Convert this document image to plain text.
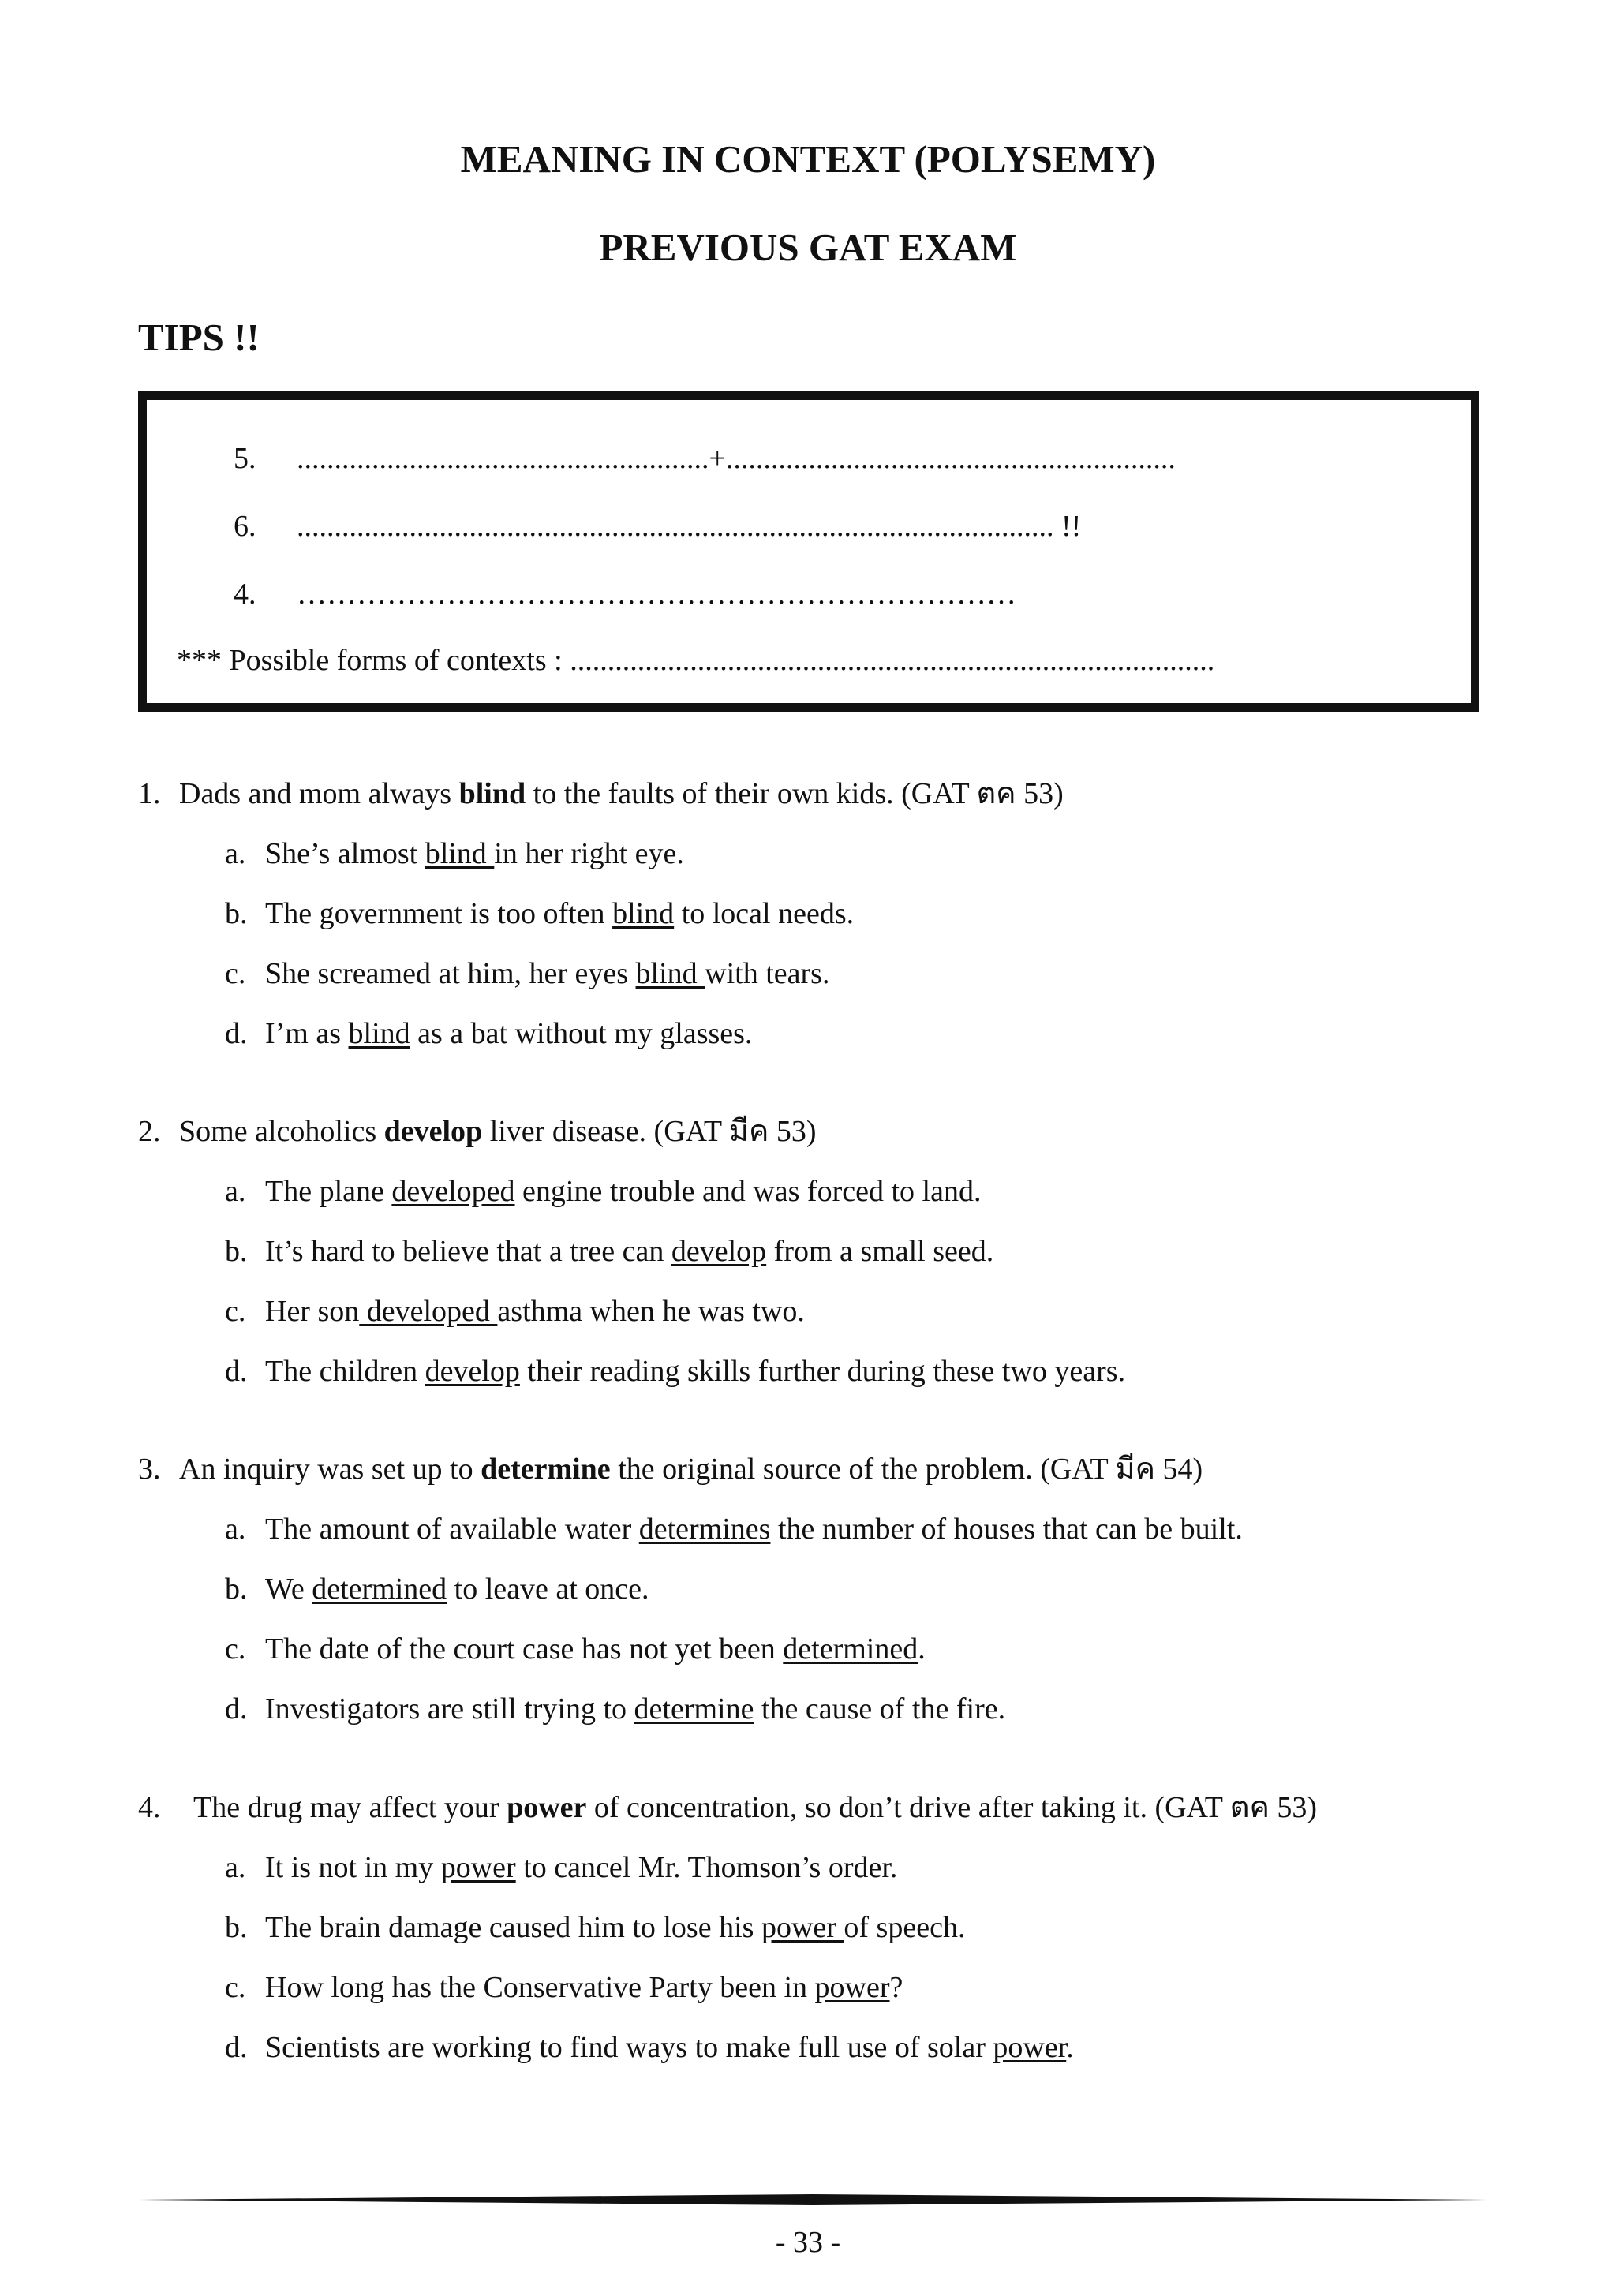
MEANING IN CONTEXT (POLYSEMY)
PREVIOUS GAT EXAM
TIPS !!
5. .......................................................+............................................................
6. ..................................................................................................... !!
4. ………………………………………………………………
*** Possible forms of contexts : ......................................................................................
1. Dads and mom always blind to the faults of their own kids. (GAT ตค 53)
a. She’s almost blind in her right eye.
b. The government is too often blind to local needs.
c. She screamed at him, her eyes blind with tears.
d. I’m as blind as a bat without my glasses.
2. Some alcoholics develop liver disease. (GAT มีค 53)
a. The plane developed engine trouble and was forced to land.
b. It’s hard to believe that a tree can develop from a small seed.
c. Her son developed asthma when he was two.
d. The children develop their reading skills further during these two years.
3. An inquiry was set up to determine the original source of the problem. (GAT มีค 54)
a. The amount of available water determines the number of houses that can be built.
b. We determined to leave at once.
c. The date of the court case has not yet been determined.
d. Investigators are still trying to determine the cause of the fire.
4. The drug may affect your power of concentration, so don’t drive after taking it. (GAT ตค 53)
a. It is not in my power to cancel Mr. Thomson’s order.
b. The brain damage caused him to lose his power of speech.
c. How long has the Conservative Party been in power?
d. Scientists are working to find ways to make full use of solar power.
- 33 -
